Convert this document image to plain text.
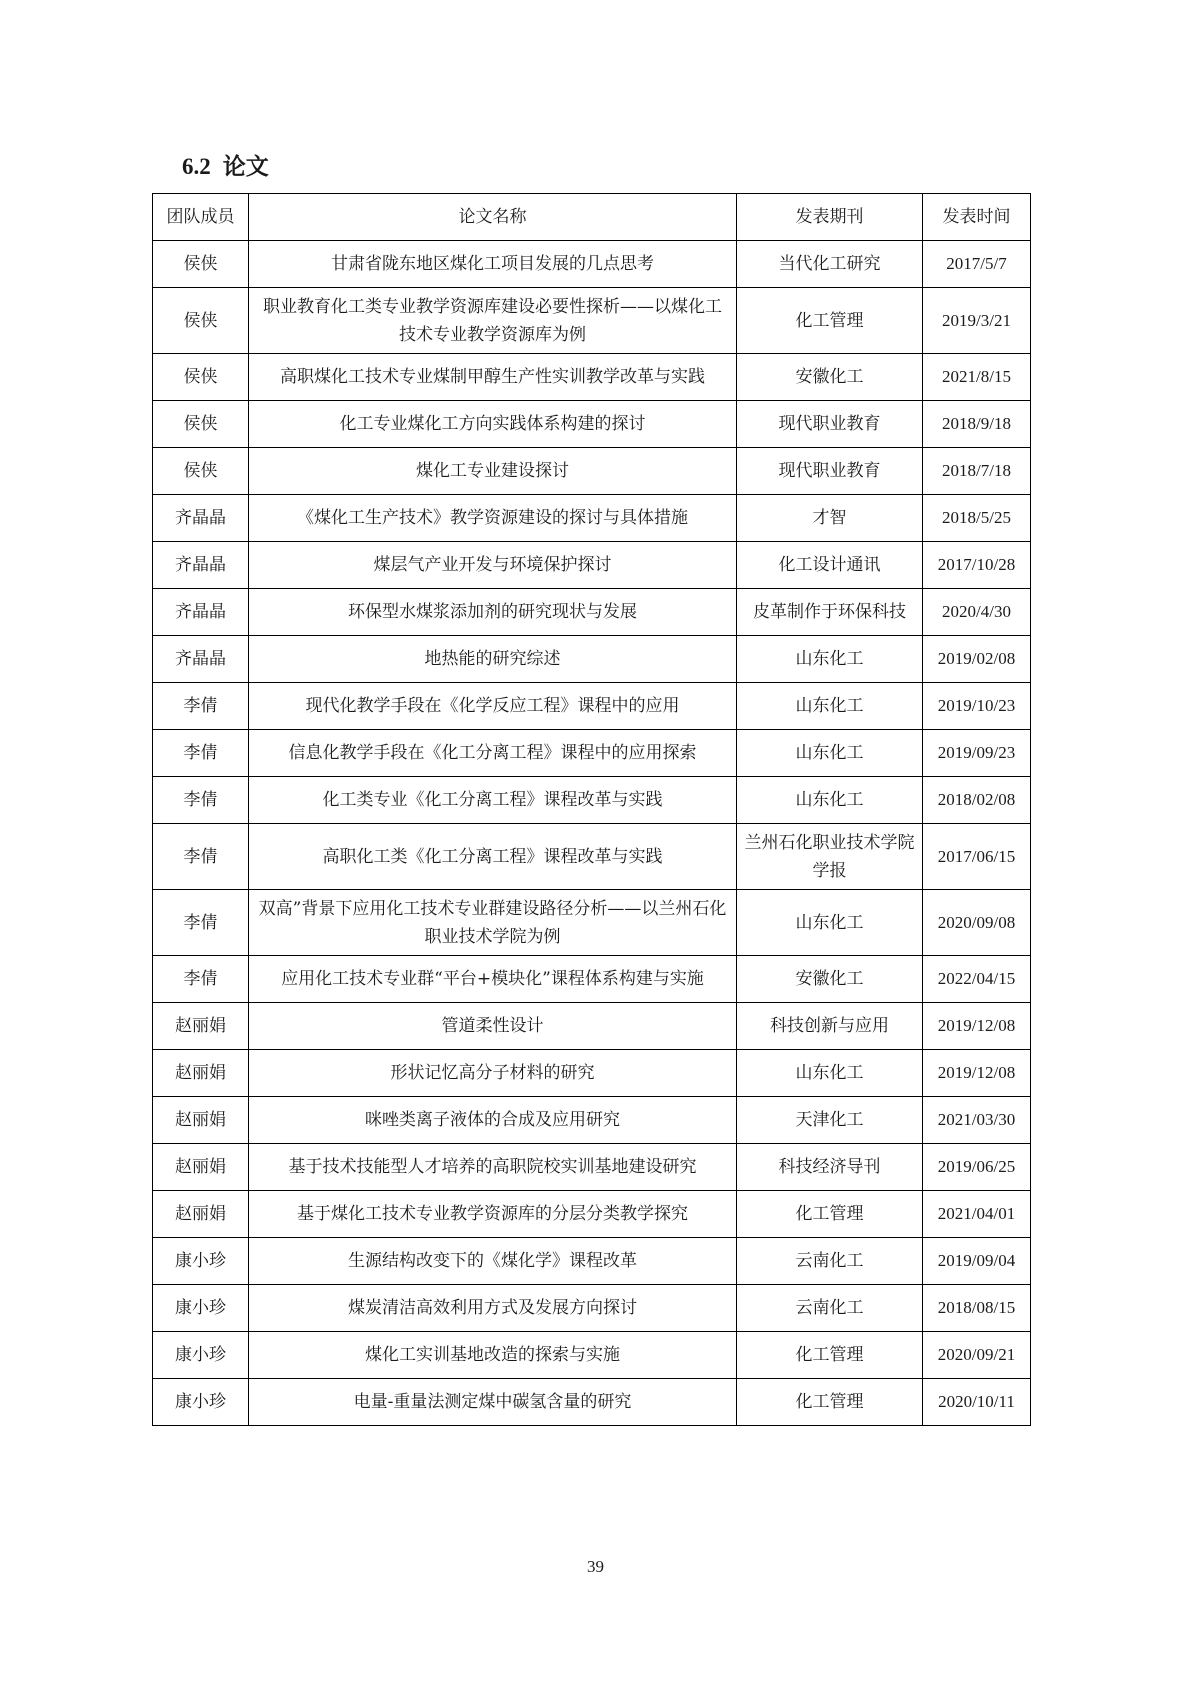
6.2 论文
团队成员	论文名称	发表期刊	发表时间
侯侠	甘肃省陇东地区煤化工项目发展的几点思考	当代化工研究	2017/5/7
侯侠	职业教育化工类专业教学资源库建设必要性探析——以煤化工技术专业教学资源库为例	化工管理	2019/3/21
侯侠	高职煤化工技术专业煤制甲醇生产性实训教学改革与实践	安徽化工	2021/8/15
侯侠	化工专业煤化工方向实践体系构建的探讨	现代职业教育	2018/9/18
侯侠	煤化工专业建设探讨	现代职业教育	2018/7/18
齐晶晶	《煤化工生产技术》教学资源建设的探讨与具体措施	才智	2018/5/25
齐晶晶	煤层气产业开发与环境保护探讨	化工设计通讯	2017/10/28
齐晶晶	环保型水煤浆添加剂的研究现状与发展	皮革制作于环保科技	2020/4/30
齐晶晶	地热能的研究综述	山东化工	2019/02/08
李倩	现代化教学手段在《化学反应工程》课程中的应用	山东化工	2019/10/23
李倩	信息化教学手段在《化工分离工程》课程中的应用探索	山东化工	2019/09/23
李倩	化工类专业《化工分离工程》课程改革与实践	山东化工	2018/02/08
李倩	高职化工类《化工分离工程》课程改革与实践	兰州石化职业技术学院学报	2017/06/15
李倩	双高”背景下应用化工技术专业群建设路径分析——以兰州石化职业技术学院为例	山东化工	2020/09/08
李倩	应用化工技术专业群“平台+模块化”课程体系构建与实施	安徽化工	2022/04/15
赵丽娟	管道柔性设计	科技创新与应用	2019/12/08
赵丽娟	形状记忆高分子材料的研究	山东化工	2019/12/08
赵丽娟	咪唑类离子液体的合成及应用研究	天津化工	2021/03/30
赵丽娟	基于技术技能型人才培养的高职院校实训基地建设研究	科技经济导刊	2019/06/25
赵丽娟	基于煤化工技术专业教学资源库的分层分类教学探究	化工管理	2021/04/01
康小珍	生源结构改变下的《煤化学》课程改革	云南化工	2019/09/04
康小珍	煤炭清洁高效利用方式及发展方向探讨	云南化工	2018/08/15
康小珍	煤化工实训基地改造的探索与实施	化工管理	2020/09/21
康小珍	电量-重量法测定煤中碳氢含量的研究	化工管理	2020/10/11
39
